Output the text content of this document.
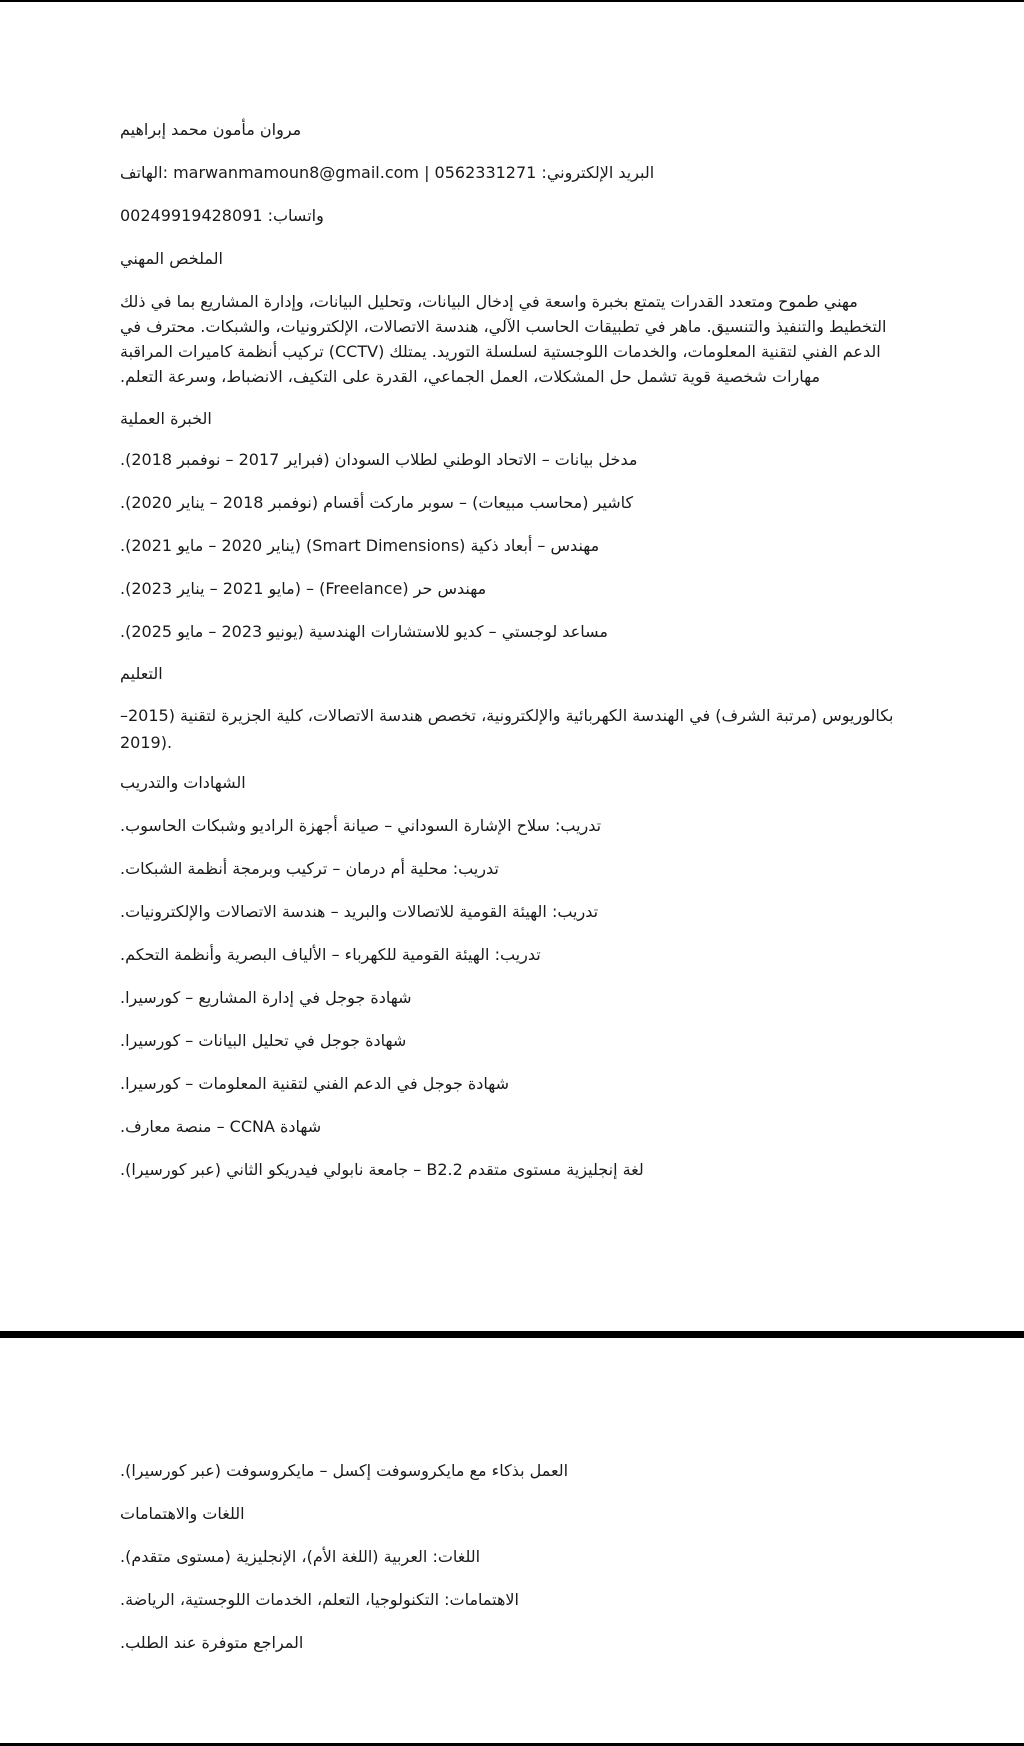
مروان مأمون محمد إبراهيم

البريد الإلكتروني: marwanmamoun8@gmail.com | 0562331271 :الهاتف

واتساب: 00249919428091

الملخص المهني

مهني طموح ومتعدد القدرات يتمتع بخبرة واسعة في إدخال البيانات، وتحليل البيانات، وإدارة المشاريع بما في ذلك
التخطيط والتنفيذ والتنسيق. ماهر في تطبيقات الحاسب الآلي، هندسة الاتصالات، الإلكترونيات، والشبكات. محترف في
الدعم الفني لتقنية المعلومات، والخدمات اللوجستية لسلسلة التوريد. يمتلك (CCTV) تركيب أنظمة كاميرات المراقبة
مهارات شخصية قوية تشمل حل المشكلات، العمل الجماعي، القدرة على التكيف، الانضباط، وسرعة التعلم.

الخبرة العملية

مدخل بيانات – الاتحاد الوطني لطلاب السودان (فبراير 2017 – نوفمبر 2018).

كاشير (محاسب مبيعات) – سوبر ماركت أقسام (نوفمبر 2018 – يناير 2020).

مهندس – أبعاد ذكية (Smart Dimensions) (يناير 2020 – مايو 2021).

مهندس حر (Freelance) – (مايو 2021 – يناير 2023).

مساعد لوجستي – كديو للاستشارات الهندسية (يونيو 2023 – مايو 2025).

التعليم

بكالوريوس (مرتبة الشرف) في الهندسة الكهربائية والإلكترونية، تخصص هندسة الاتصالات، كلية الجزيرة لتقنية (2015–

2019).

الشهادات والتدريب

تدريب: سلاح الإشارة السوداني – صيانة أجهزة الراديو وشبكات الحاسوب.

تدريب: محلية أم درمان – تركيب وبرمجة أنظمة الشبكات.

تدريب: الهيئة القومية للاتصالات والبريد – هندسة الاتصالات والإلكترونيات.

تدريب: الهيئة القومية للكهرباء – الألياف البصرية وأنظمة التحكم.

شهادة جوجل في إدارة المشاريع – كورسيرا.

شهادة جوجل في تحليل البيانات – كورسيرا.

شهادة جوجل في الدعم الفني لتقنية المعلومات – كورسيرا.

شهادة CCNA – منصة معارف.

لغة إنجليزية مستوى متقدم B2.2 – جامعة نابولي فيدريكو الثاني (عبر كورسيرا).

العمل بذكاء مع مايكروسوفت إكسل – مايكروسوفت (عبر كورسيرا).

اللغات والاهتمامات

اللغات: العربية (اللغة الأم)، الإنجليزية (مستوى متقدم).

الاهتمامات: التكنولوجيا، التعلم، الخدمات اللوجستية، الرياضة.

المراجع متوفرة عند الطلب.
